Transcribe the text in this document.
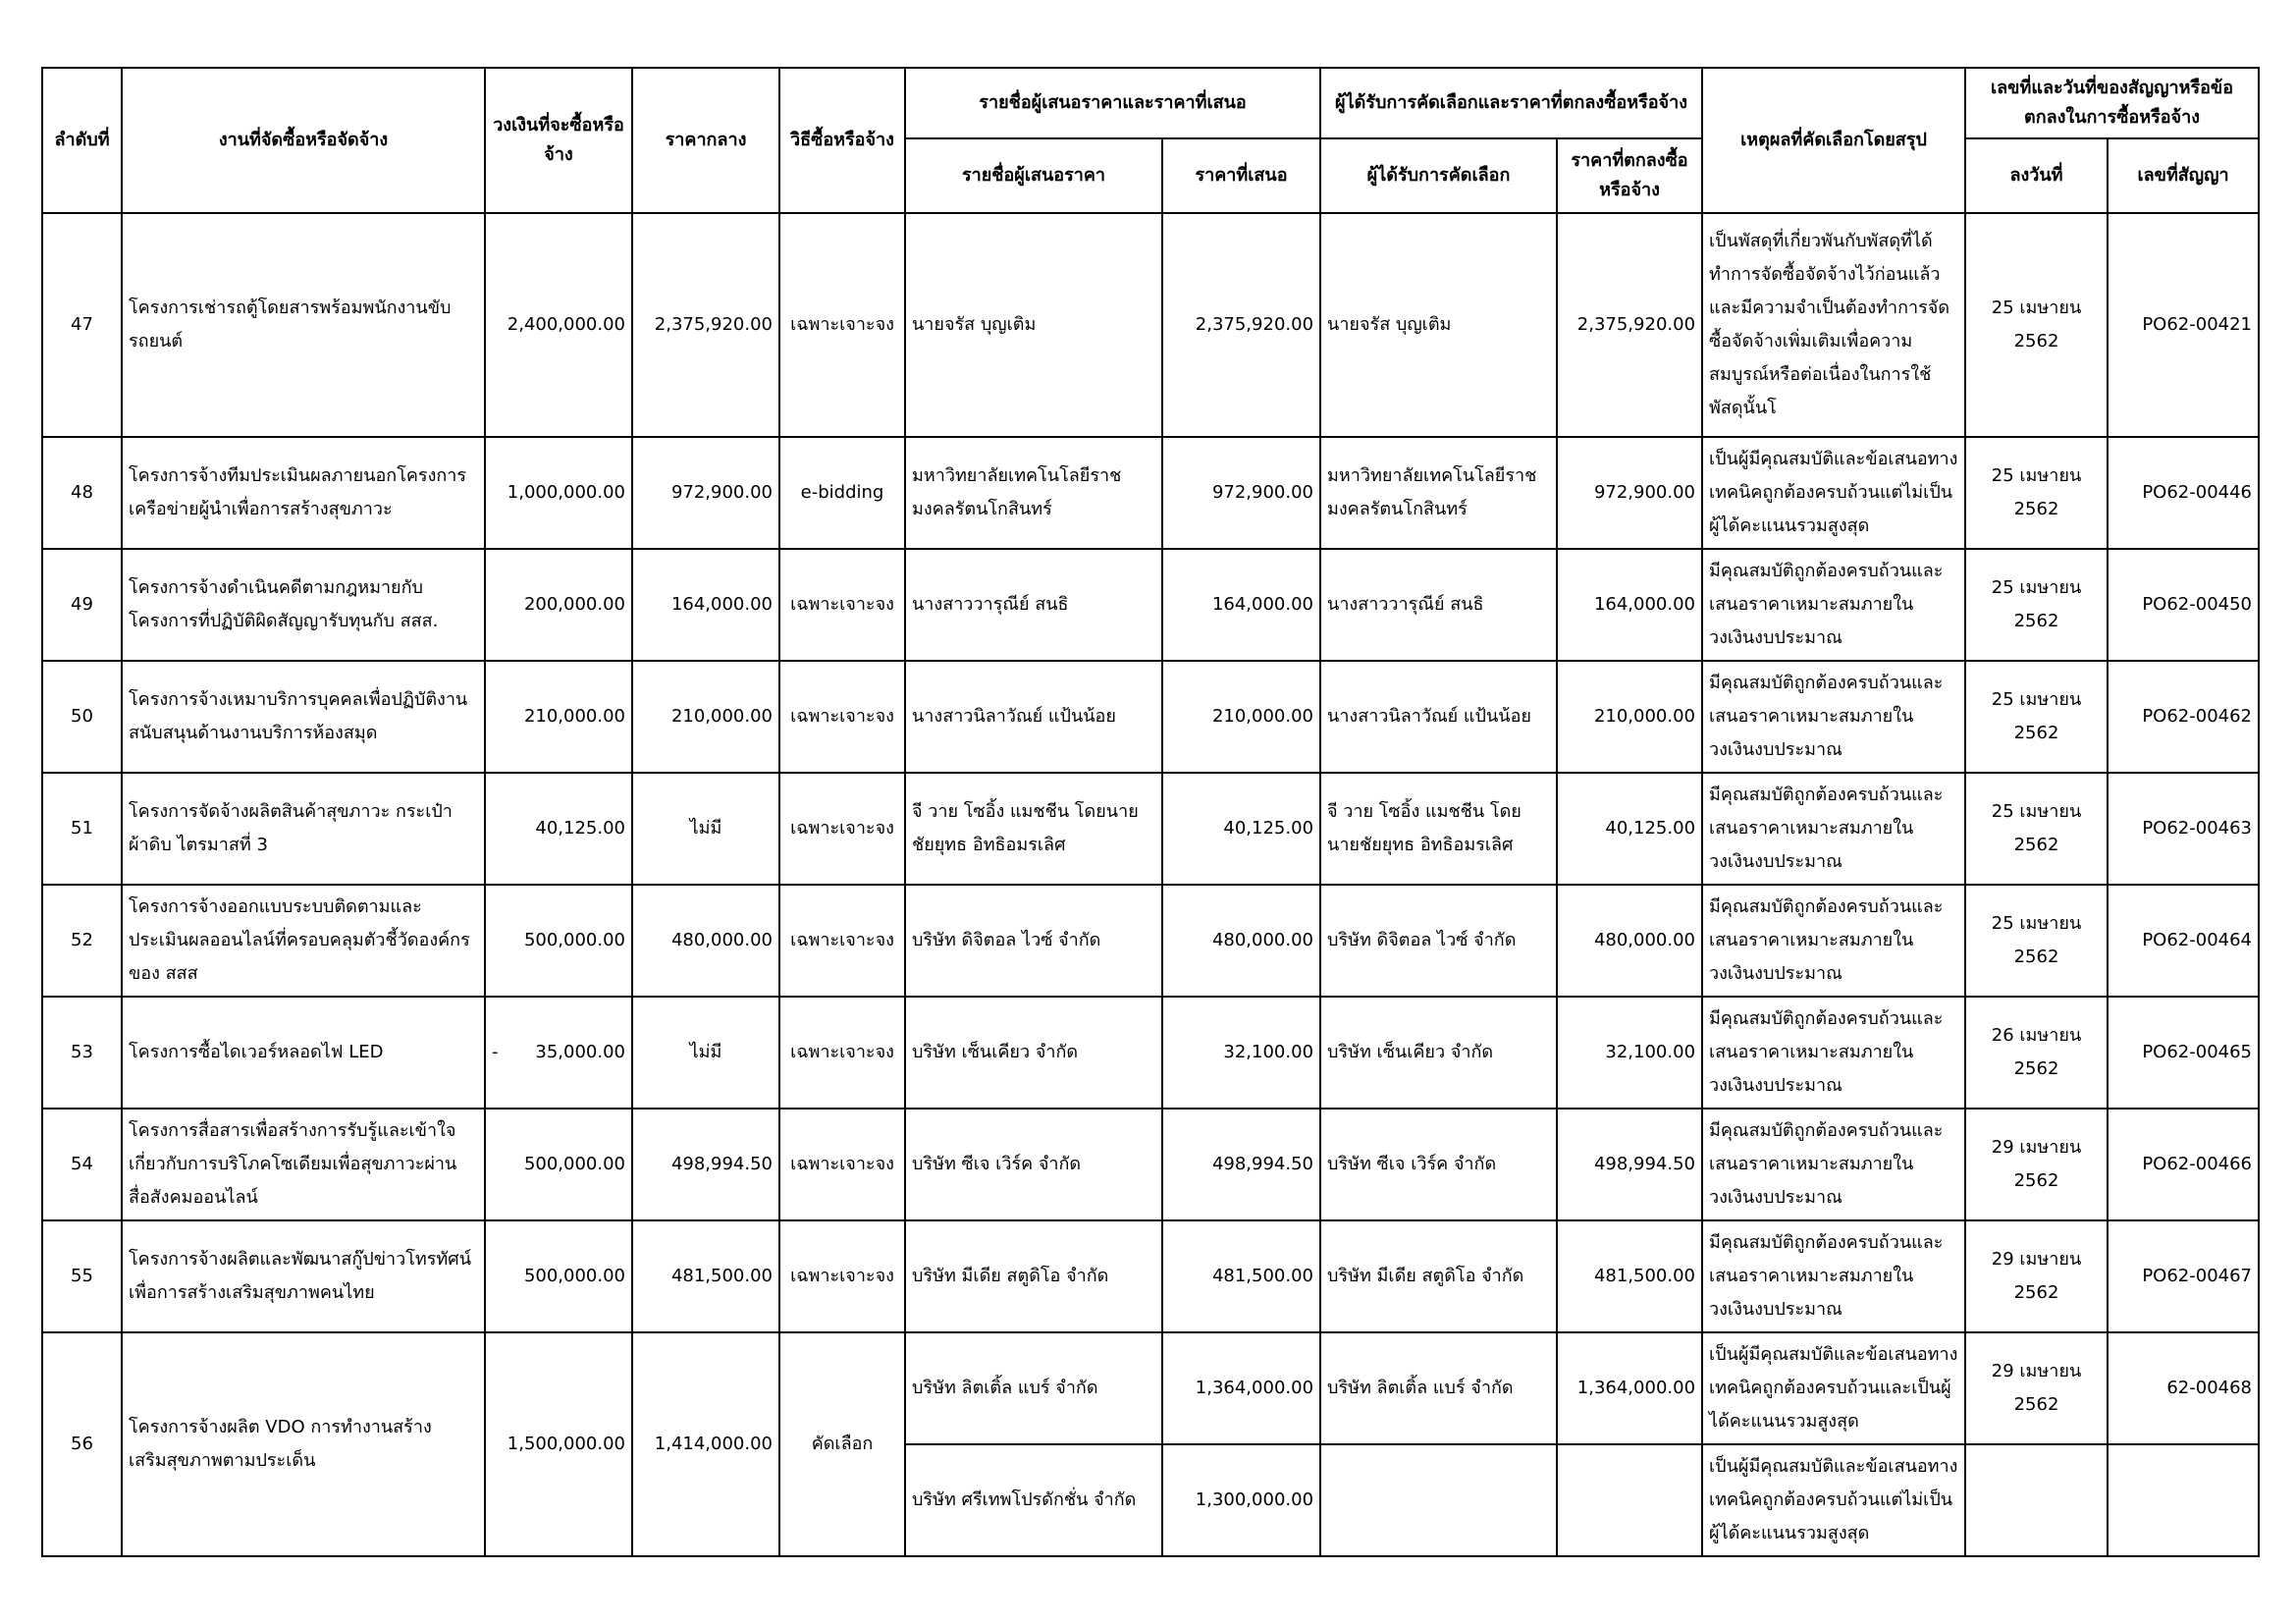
ลำดับที่	งานที่จัดซื้อหรือจัดจ้าง	วงเงินที่จะซื้อหรือจ้าง	ราคากลาง	วิธีซื้อหรือจ้าง	รายชื่อผู้เสนอราคาและราคาที่เสนอ		ผู้ได้รับการคัดเลือกและราคาที่ตกลงซื้อหรือจ้าง		เหตุผลที่คัดเลือกโดยสรุป	เลขที่และวันที่ของสัญญาหรือข้อตกลงในการซื้อหรือจ้าง	
					รายชื่อผู้เสนอราคา	ราคาที่เสนอ	ผู้ได้รับการคัดเลือก	ราคาที่ตกลงซื้อหรือจ้าง		ลงวันที่	เลขที่สัญญา
47	โครงการเช่ารถตู้โดยสารพร้อมพนักงานขับรถยนต์	2,400,000.00	2,375,920.00	เฉพาะเจาะจง	นายจรัส บุญเติม	2,375,920.00	นายจรัส บุญเติม	2,375,920.00	เป็นพัสดุที่เกี่ยวพันกับพัสดุที่ได้ทำการจัดซื้อจัดจ้างไว้ก่อนแล้วและมีความจำเป็นต้องทำการจัดซื้อจัดจ้างเพิ่มเติมเพื่อความสมบูรณ์หรือต่อเนื่องในการใช้พัสดุนั้นโ	25 เมษายน 2562	PO62-00421
48	โครงการจ้างทีมประเมินผลภายนอกโครงการเครือข่ายผู้นำเพื่อการสร้างสุขภาวะ	1,000,000.00	972,900.00	e-bidding	มหาวิทยาลัยเทคโนโลยีราชมงคลรัตนโกสินทร์	972,900.00	มหาวิทยาลัยเทคโนโลยีราชมงคลรัตนโกสินทร์	972,900.00	เป็นผู้มีคุณสมบัติและข้อเสนอทางเทคนิคถูกต้องครบถ้วนแต่ไม่เป็นผู้ได้คะแนนรวมสูงสุด	25 เมษายน 2562	PO62-00446
49	โครงการจ้างดำเนินคดีตามกฎหมายกับโครงการที่ปฏิบัติผิดสัญญารับทุนกับ สสส.	200,000.00	164,000.00	เฉพาะเจาะจง	นางสาววารุณีย์ สนธิ	164,000.00	นางสาววารุณีย์ สนธิ	164,000.00	มีคุณสมบัติถูกต้องครบถ้วนและเสนอราคาเหมาะสมภายในวงเงินงบประมาณ	25 เมษายน 2562	PO62-00450
50	โครงการจ้างเหมาบริการบุคคลเพื่อปฏิบัติงานสนับสนุนด้านงานบริการห้องสมุด	210,000.00	210,000.00	เฉพาะเจาะจง	นางสาวนิลาวัณย์ แป้นน้อย	210,000.00	นางสาวนิลาวัณย์ แป้นน้อย	210,000.00	มีคุณสมบัติถูกต้องครบถ้วนและเสนอราคาเหมาะสมภายในวงเงินงบประมาณ	25 เมษายน 2562	PO62-00462
51	โครงการจัดจ้างผลิตสินค้าสุขภาวะ กระเป๋าผ้าดิบ ไตรมาสที่ 3	40,125.00	ไม่มี	เฉพาะเจาะจง	จี วาย โซอิ้ง แมชชีน โดยนายชัยยุทธ อิทธิอมรเลิศ	40,125.00	จี วาย โซอิ้ง แมชชีน โดยนายชัยยุทธ อิทธิอมรเลิศ	40,125.00	มีคุณสมบัติถูกต้องครบถ้วนและเสนอราคาเหมาะสมภายในวงเงินงบประมาณ	25 เมษายน 2562	PO62-00463
52	โครงการจ้างออกแบบระบบติดตามและประเมินผลออนไลน์ที่ครอบคลุมตัวชี้วัดองค์กรของ สสส	500,000.00	480,000.00	เฉพาะเจาะจง	บริษัท ดิจิตอล ไวซ์ จำกัด	480,000.00	บริษัท ดิจิตอล ไวซ์ จำกัด	480,000.00	มีคุณสมบัติถูกต้องครบถ้วนและเสนอราคาเหมาะสมภายในวงเงินงบประมาณ	25 เมษายน 2562	PO62-00464
53	โครงการซื้อไดเวอร์หลอดไฟ LED	- 35,000.00	ไม่มี	เฉพาะเจาะจง	บริษัท เซ็นเคียว จำกัด	32,100.00	บริษัท เซ็นเคียว จำกัด	32,100.00	มีคุณสมบัติถูกต้องครบถ้วนและเสนอราคาเหมาะสมภายในวงเงินงบประมาณ	26 เมษายน 2562	PO62-00465
54	โครงการสื่อสารเพื่อสร้างการรับรู้และเข้าใจเกี่ยวกับการบริโภคโซเดียมเพื่อสุขภาวะผ่านสื่อสังคมออนไลน์	500,000.00	498,994.50	เฉพาะเจาะจง	บริษัท ซีเจ เวิร์ค จำกัด	498,994.50	บริษัท ซีเจ เวิร์ค จำกัด	498,994.50	มีคุณสมบัติถูกต้องครบถ้วนและเสนอราคาเหมาะสมภายในวงเงินงบประมาณ	29 เมษายน 2562	PO62-00466
55	โครงการจ้างผลิตและพัฒนาสกู๊ปข่าวโทรทัศน์เพื่อการสร้างเสริมสุขภาพคนไทย	500,000.00	481,500.00	เฉพาะเจาะจง	บริษัท มีเดีย สตูดิโอ จำกัด	481,500.00	บริษัท มีเดีย สตูดิโอ จำกัด	481,500.00	มีคุณสมบัติถูกต้องครบถ้วนและเสนอราคาเหมาะสมภายในวงเงินงบประมาณ	29 เมษายน 2562	PO62-00467
56	โครงการจ้างผลิต VDO การทำงานสร้างเสริมสุขภาพตามประเด็น	1,500,000.00	1,414,000.00	คัดเลือก	บริษัท ลิตเติ้ล แบร์ จำกัด	1,364,000.00	บริษัท ลิตเติ้ล แบร์ จำกัด	1,364,000.00	เป็นผู้มีคุณสมบัติและข้อเสนอทางเทคนิคถูกต้องครบถ้วนและเป็นผู้ได้คะแนนรวมสูงสุด	29 เมษายน 2562	62-00468
					บริษัท ศรีเทพโปรดักชั่น จำกัด	1,300,000.00			เป็นผู้มีคุณสมบัติและข้อเสนอทางเทคนิคถูกต้องครบถ้วนแต่ไม่เป็นผู้ได้คะแนนรวมสูงสุด		
